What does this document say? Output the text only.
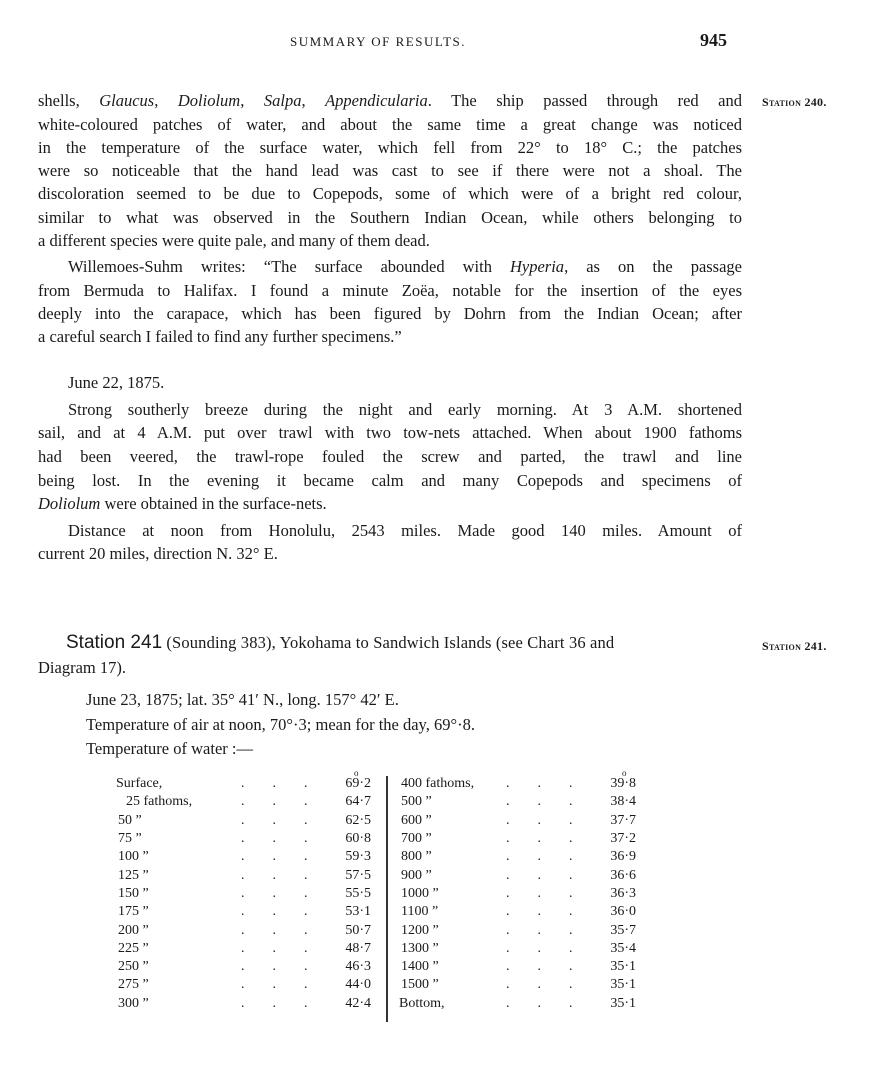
SUMMARY OF RESULTS.	945
Station 240.
shells, Glaucus, Doliolum, Salpa, Appendicularia. The ship passed through red and
white-coloured patches of water, and about the same time a great change was noticed
in the temperature of the surface water, which fell from 22° to 18° C.; the patches
were so noticeable that the hand lead was cast to see if there were not a shoal. The
discoloration seemed to be due to Copepods, some of which were of a bright red colour,
similar to what was observed in the Southern Indian Ocean, while others belonging to
a different species were quite pale, and many of them dead.
Willemoes-Suhm writes: “The surface abounded with Hyperia, as on the passage
from Bermuda to Halifax. I found a minute Zoëa, notable for the insertion of the eyes
deeply into the carapace, which has been figured by Dohrn from the Indian Ocean; after
a careful search I failed to find any further specimens.”
Strong southerly breeze during the night and early morning. At 3 A.M. shortened
sail, and at 4 A.M. put over trawl with two tow-nets attached. When about 1900 fathoms
had been veered, the trawl-rope fouled the screw and parted, the trawl and line
being lost. In the evening it became calm and many Copepods and specimens of
Doliolum were obtained in the surface-nets.
Distance at noon from Honolulu, 2543 miles. Made good 140 miles. Amount of
current 20 miles, direction N. 32° E.
June 22, 1875.
Station 241 (Sounding 383), Yokohama to Sandwich Islands (see Chart 36 and
Diagram 17).
Station 241.
June 23, 1875; lat. 35° 41′ N., long. 157° 42′ E.
Temperature of air at noon, 70°·3; mean for the day, 69°·8.
Temperature of water :—
o	o
Surface,	.        .        .	69·2	400 fathoms,	.        .        .	39·8
25 fathoms,	.        .        .	64·7	500 ”	.        .        .	38·4
50 ”	.        .        .	62·5	600 ”	.        .        .	37·7
75 ”	.        .        .	60·8	700 ”	.        .        .	37·2
100 ”	.        .        .	59·3	800 ”	.        .        .	36·9
125 ”	.        .        .	57·5	900 ”	.        .        .	36·6
150 ”	.        .        .	55·5	1000 ”	.        .        .	36·3
175 ”	.        .        .	53·1	1100 ”	.        .        .	36·0
200 ”	.        .        .	50·7	1200 ”	.        .        .	35·7
225 ”	.        .        .	48·7	1300 ”	.        .        .	35·4
250 ”	.        .        .	46·3	1400 ”	.        .        .	35·1
275 ”	.        .        .	44·0	1500 ”	.        .        .	35·1
300 ”	.        .        .	42·4	Bottom,	.        .        .	35·1
